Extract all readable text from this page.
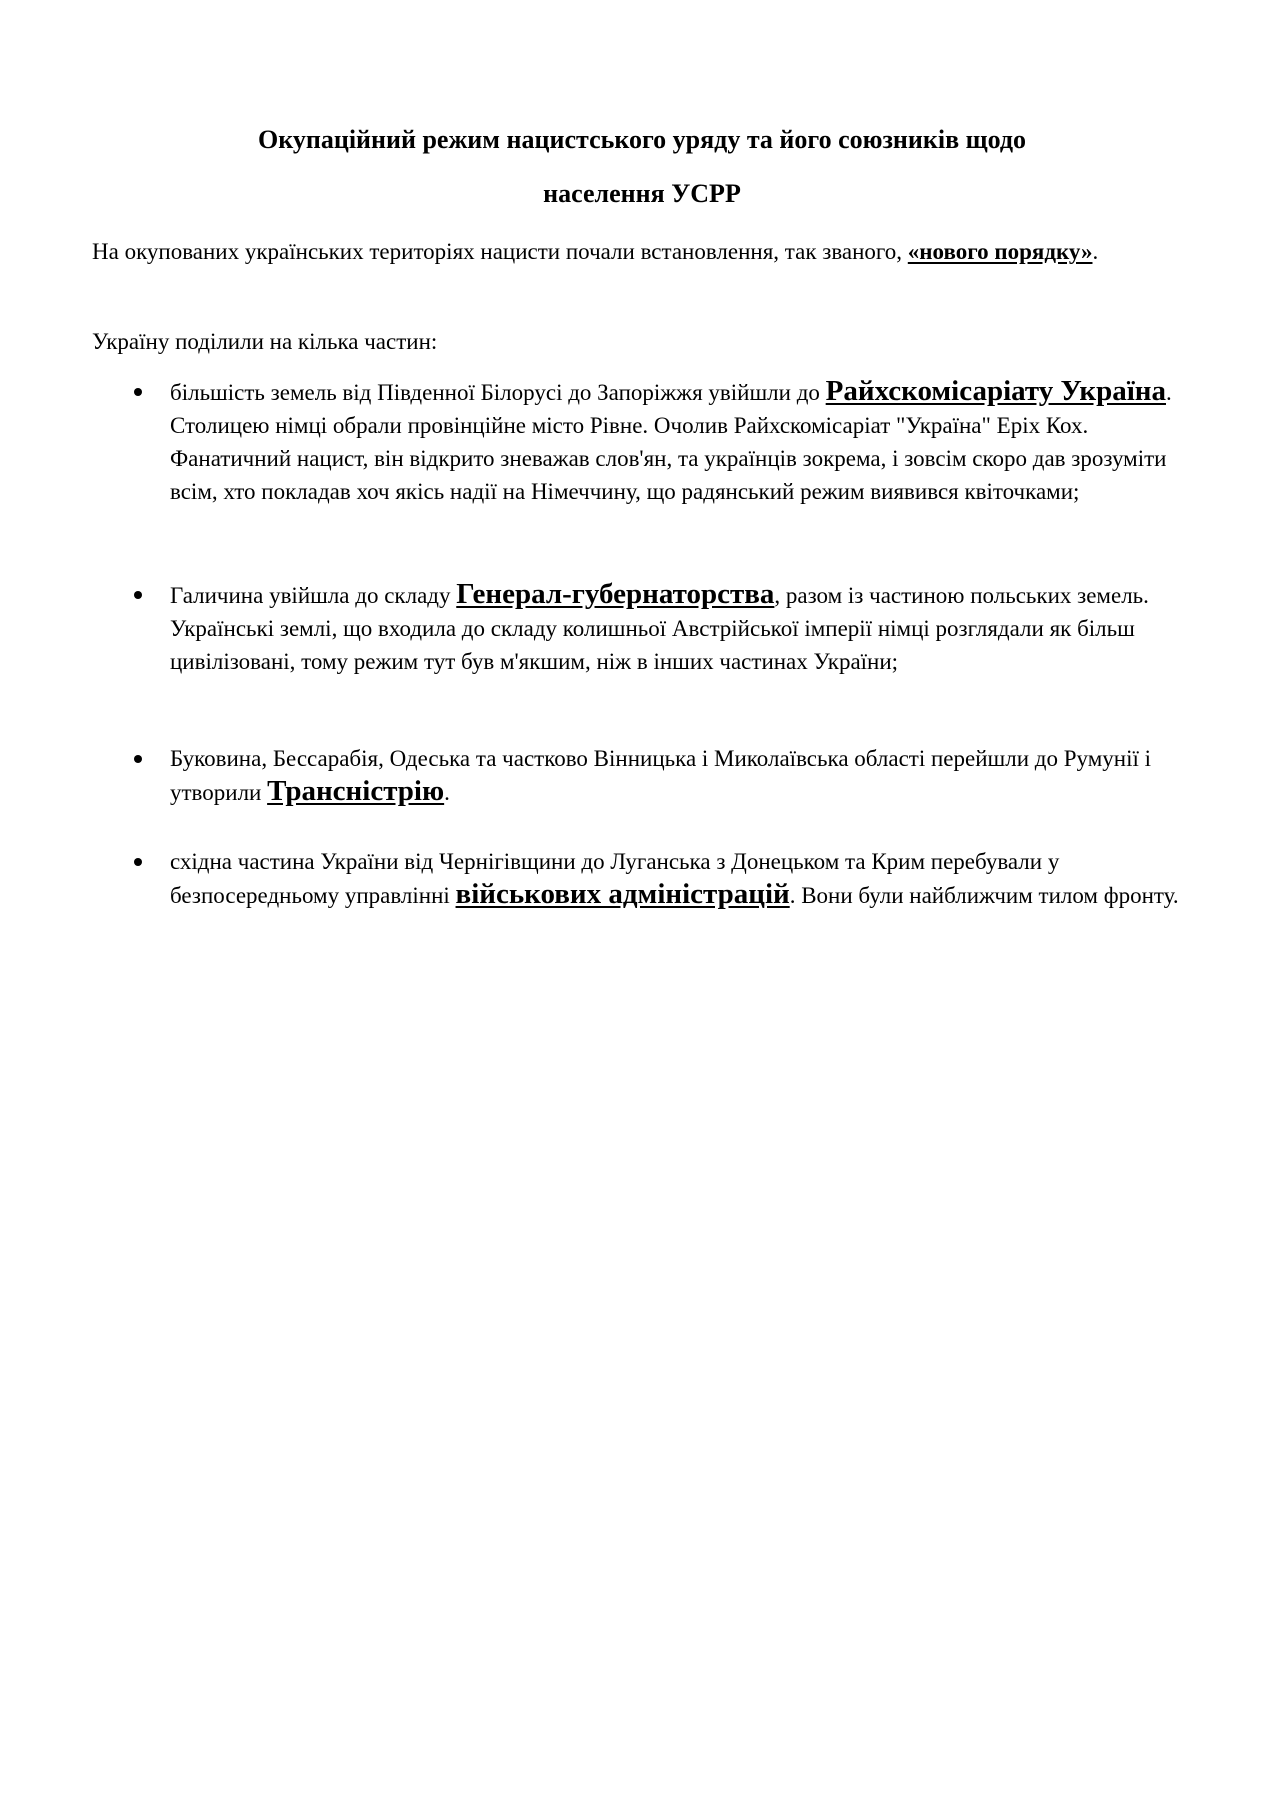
Окупаційний режим нацистського уряду та його союзників щодо
населення УСРР

На окупованих українських територіях нацисти почали встановлення, так званого, «нового порядку».

Україну поділили на кілька частин:

більшість земель від Південної Білорусі до Запоріжжя увійшли до Райхскомісаріату Україна. Столицею німці обрали провінційне місто Рівне. Очолив Райхскомісаріат "Україна" Еріх Кох. Фанатичний нацист, він відкрито зневажав слов'ян, та українців зокрема, і зовсім скоро дав зрозуміти всім, хто покладав хоч якісь надії на Німеччину, що радянський режим виявився квіточками;
Галичина увійшла до складу Генерал-губернаторства, разом із частиною польських земель. Українські землі, що входила до складу колишньої Австрійської імперії німці розглядали як більш цивілізовані, тому режим тут був м'якшим, ніж в інших частинах України;
Буковина, Бессарабія, Одеська та частково Вінницька і Миколаївська області перейшли до Румунії і утворили Трансністрію.
східна частина України від Чернігівщини до Луганська з Донецьком та Крим перебували у безпосередньому управлінні військових адміністрацій. Вони були найближчим тилом фронту.
